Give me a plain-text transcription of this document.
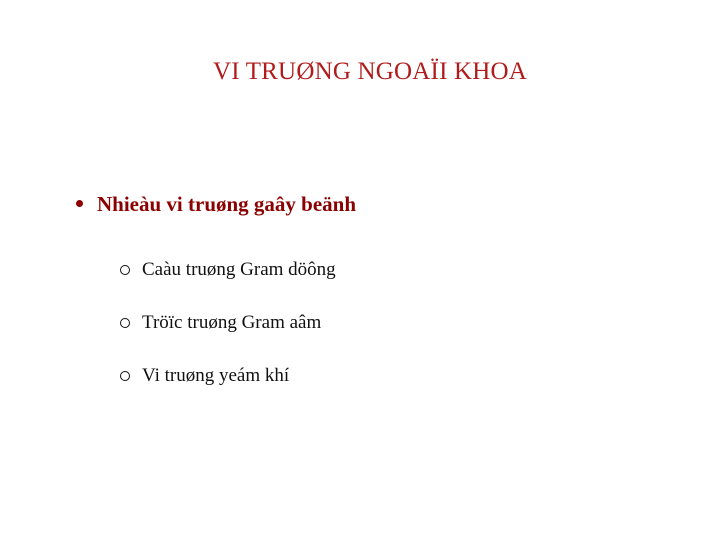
VI TRUØNG NGOAÏI KHOA
Nhieàu vi truøng gaây beänh
Caàu truøng Gram döông
Tröïc truøng Gram aâm
Vi truøng yeám khí
